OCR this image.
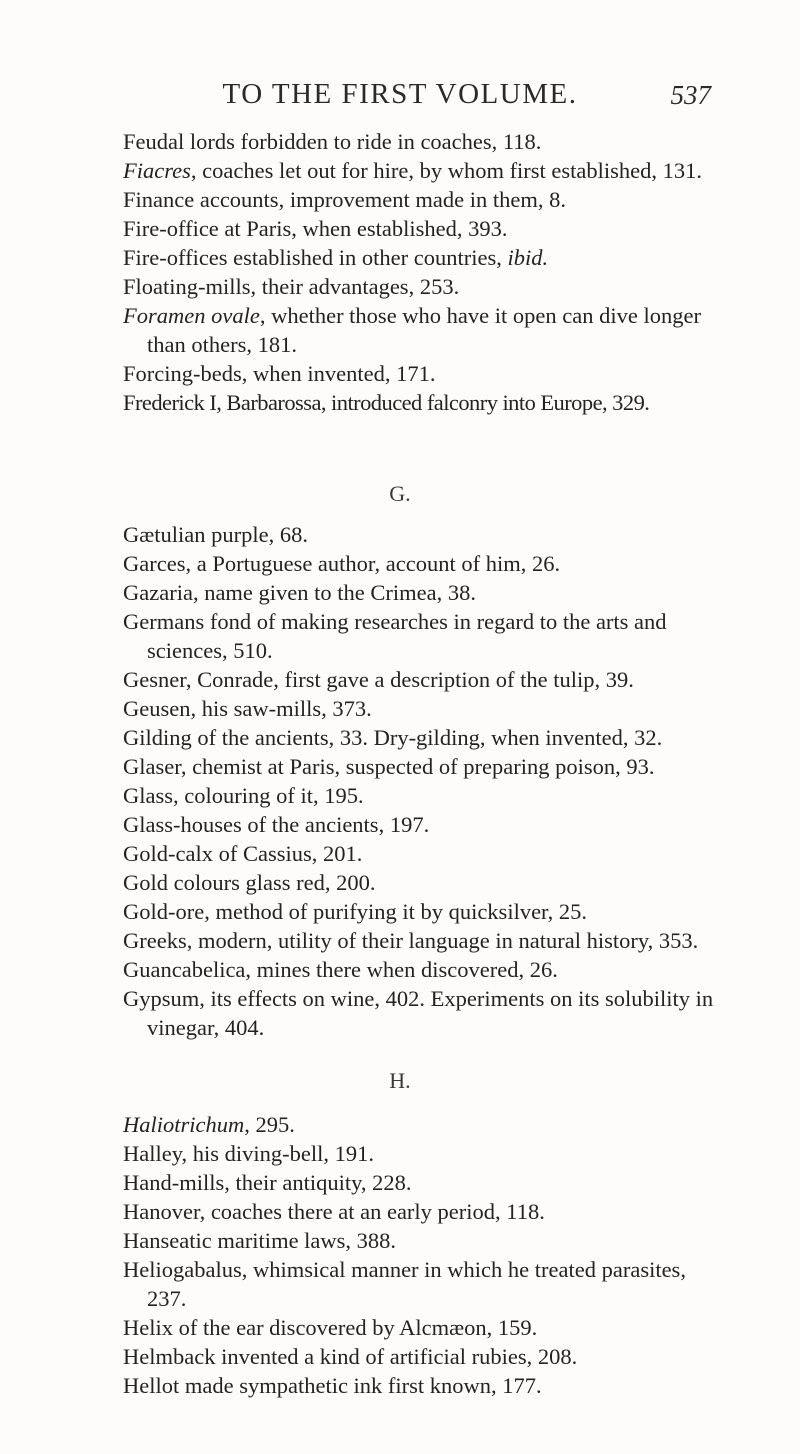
TO THE FIRST VOLUME.	537

Feudal lords forbidden to ride in coaches, 118.

Fiacres, coaches let out for hire, by whom first established, 131.

Finance accounts, improvement made in them, 8.

Fire-office at Paris, when established, 393.

Fire-offices established in other countries, ibid.

Floating-mills, their advantages, 253.

Foramen ovale, whether those who have it open can dive longer than others, 181.

Forcing-beds, when invented, 171.

Frederick I, Barbarossa, introduced falconry into Europe, 329.

G.

Gætulian purple, 68.

Garces, a Portuguese author, account of him, 26.

Gazaria, name given to the Crimea, 38.

Germans fond of making researches in regard to the arts and sciences, 510.

Gesner, Conrade, first gave a description of the tulip, 39.

Geusen, his saw-mills, 373.

Gilding of the ancients, 33. Dry-gilding, when invented, 32.

Glaser, chemist at Paris, suspected of preparing poison, 93.

Glass, colouring of it, 195.

Glass-houses of the ancients, 197.

Gold-calx of Cassius, 201.

Gold colours glass red, 200.

Gold-ore, method of purifying it by quicksilver, 25.

Greeks, modern, utility of their language in natural history, 353.

Guancabelica, mines there when discovered, 26.

Gypsum, its effects on wine, 402. Experiments on its solubility in vinegar, 404.

H.

Haliotrichum, 295.

Halley, his diving-bell, 191.

Hand-mills, their antiquity, 228.

Hanover, coaches there at an early period, 118.

Hanseatic maritime laws, 388.

Heliogabalus, whimsical manner in which he treated parasites, 237.

Helix of the ear discovered by Alcmæon, 159.

Helmback invented a kind of artificial rubies, 208.

Hellot made sympathetic ink first known, 177.
